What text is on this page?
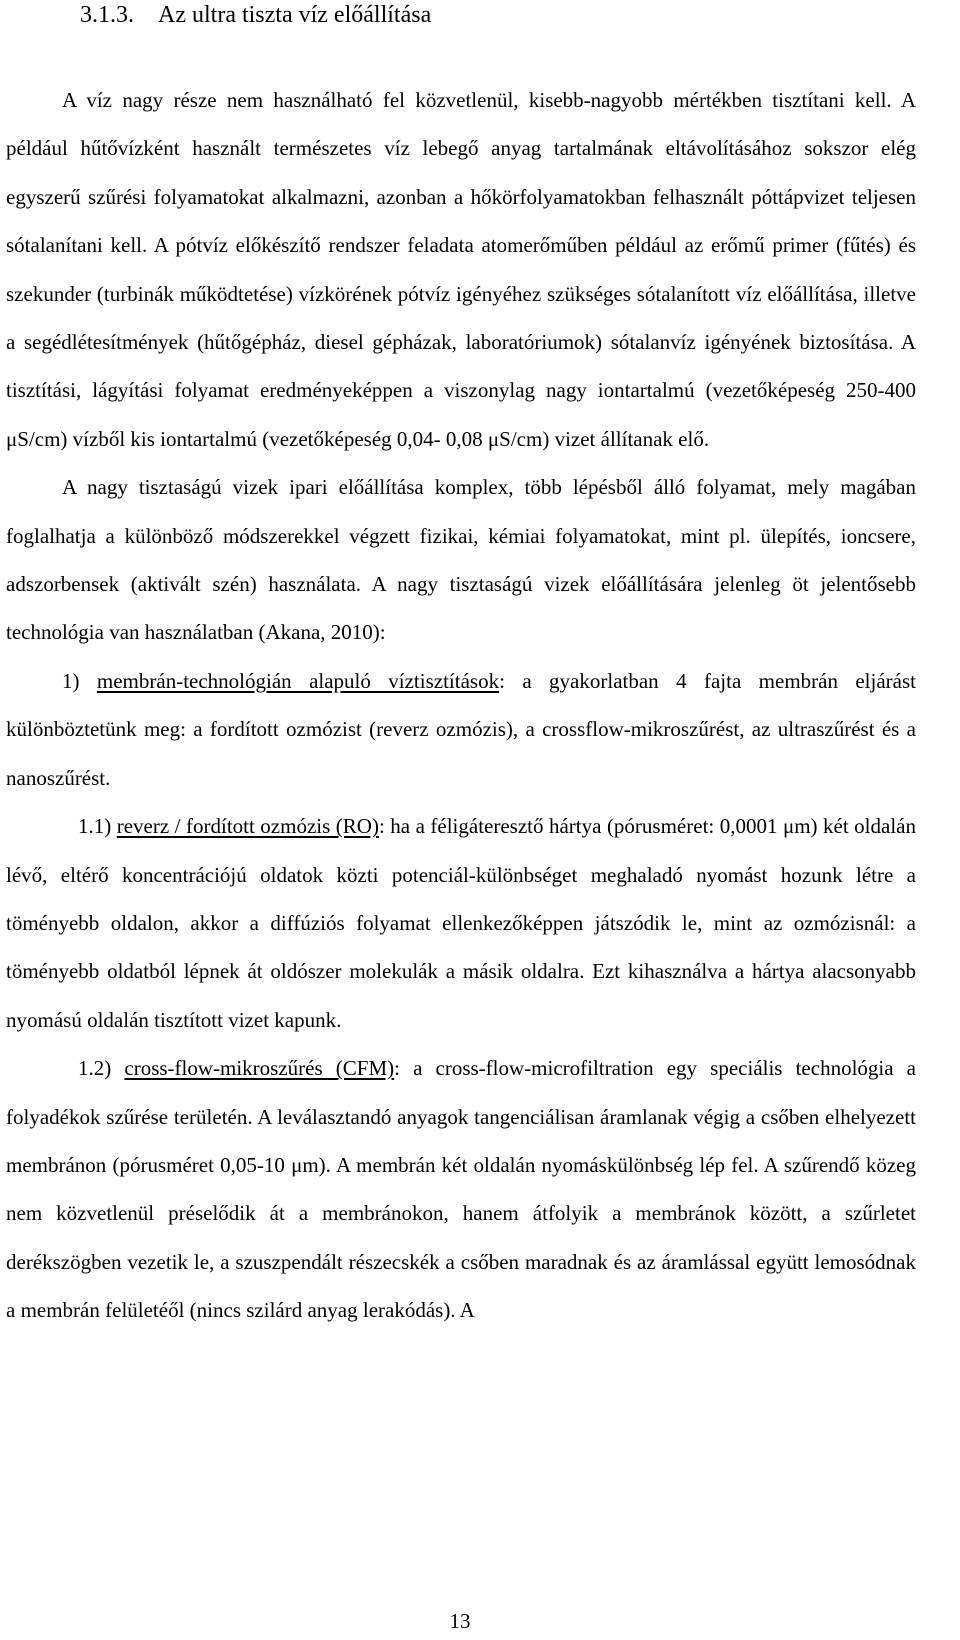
3.1.3. Az ultra tiszta víz előállítása

A víz nagy része nem használható fel közvetlenül, kisebb-nagyobb mértékben tisztítani kell. A például hűtővízként használt természetes víz lebegő anyag tartalmának eltávolításához sokszor elég egyszerű szűrési folyamatokat alkalmazni, azonban a hőkörfolyamatokban felhasznált póttápvizet teljesen sótalanítani kell. A pótvíz előkészítő rendszer feladata atomerőműben például az erőmű primer (fűtés) és szekunder (turbinák működtetése) vízkörének pótvíz igényéhez szükséges sótalanított víz előállítása, illetve a segédlétesítmények (hűtőgépház, diesel gépházak, laboratóriumok) sótalanvíz igényének biztosítása. A tisztítási, lágyítási folyamat eredményeképpen a viszonylag nagy iontartalmú (vezetőképeség 250-400 μS/cm) vízből kis iontartalmú (vezetőképeség 0,04- 0,08 μS/cm) vizet állítanak elő.

A nagy tisztaságú vizek ipari előállítása komplex, több lépésből álló folyamat, mely magában foglalhatja a különböző módszerekkel végzett fizikai, kémiai folyamatokat, mint pl. ülepítés, ioncsere, adszorbensek (aktivált szén) használata. A nagy tisztaságú vizek előállítására jelenleg öt jelentősebb technológia van használatban (Akana, 2010):

1) membrán-technológián alapuló víztisztítások: a gyakorlatban 4 fajta membrán eljárást különböztetünk meg: a fordított ozmózist (reverz ozmózis), a crossflow-mikroszűrést, az ultraszűrést és a nanoszűrést.

1.1) reverz / fordított ozmózis (RO): ha a féligáteresztő hártya (pórusméret: 0,0001 μm) két oldalán lévő, eltérő koncentrációjú oldatok közti potenciál-különbséget meghaladó nyomást hozunk létre a töményebb oldalon, akkor a diffúziós folyamat ellenkezőképpen játszódik le, mint az ozmózisnál: a töményebb oldatból lépnek át oldószer molekulák a másik oldalra. Ezt kihasználva a hártya alacsonyabb nyomású oldalán tisztított vizet kapunk.

1.2) cross-flow-mikroszűrés (CFM): a cross-flow-microfiltration egy speciális technológia a folyadékok szűrése területén. A leválasztandó anyagok tangenciálisan áramlanak végig a csőben elhelyezett membránon (pórusméret 0,05-10 μm). A membrán két oldalán nyomáskülönbség lép fel. A szűrendő közeg nem közvetlenül préselődik át a membránokon, hanem átfolyik a membránok között, a szűrletet derékszögben vezetik le, a szuszpendált részecskék a csőben maradnak és az áramlással együtt lemosódnak a membrán felületéől (nincs szilárd anyag lerakódás). A

13
